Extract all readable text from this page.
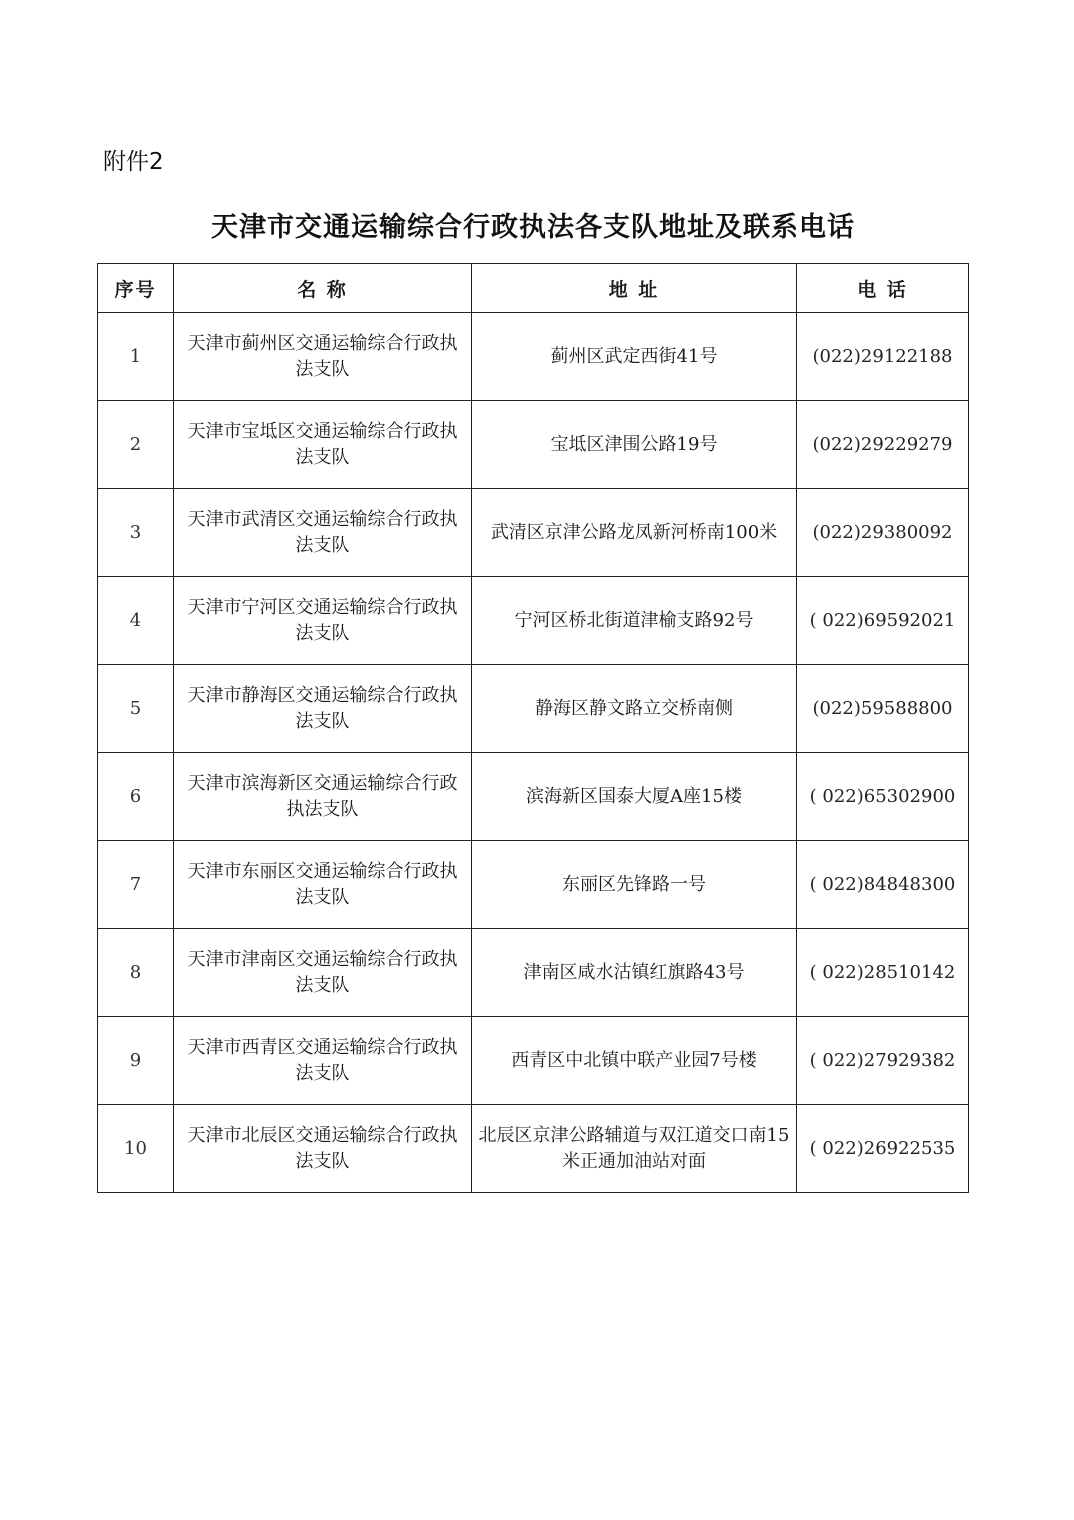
附件2
天津市交通运输综合行政执法各支队地址及联系电话
序号	名 称	地 址	电 话
1	天津市蓟州区交通运输综合行政执法支队	蓟州区武定西街41号	(022)29122188
2	天津市宝坻区交通运输综合行政执法支队	宝坻区津围公路19号	(022)29229279
3	天津市武清区交通运输综合行政执法支队	武清区京津公路龙凤新河桥南100米	(022)29380092
4	天津市宁河区交通运输综合行政执法支队	宁河区桥北街道津榆支路92号	( 022)69592021
5	天津市静海区交通运输综合行政执法支队	静海区静文路立交桥南侧	(022)59588800
6	天津市滨海新区交通运输综合行政执法支队	滨海新区国泰大厦A座15楼	( 022)65302900
7	天津市东丽区交通运输综合行政执法支队	东丽区先锋路一号	( 022)84848300
8	天津市津南区交通运输综合行政执法支队	津南区咸水沽镇红旗路43号	( 022)28510142
9	天津市西青区交通运输综合行政执法支队	西青区中北镇中联产业园7号楼	( 022)27929382
10	天津市北辰区交通运输综合行政执法支队	北辰区京津公路辅道与双江道交口南15米正通加油站对面	( 022)26922535
